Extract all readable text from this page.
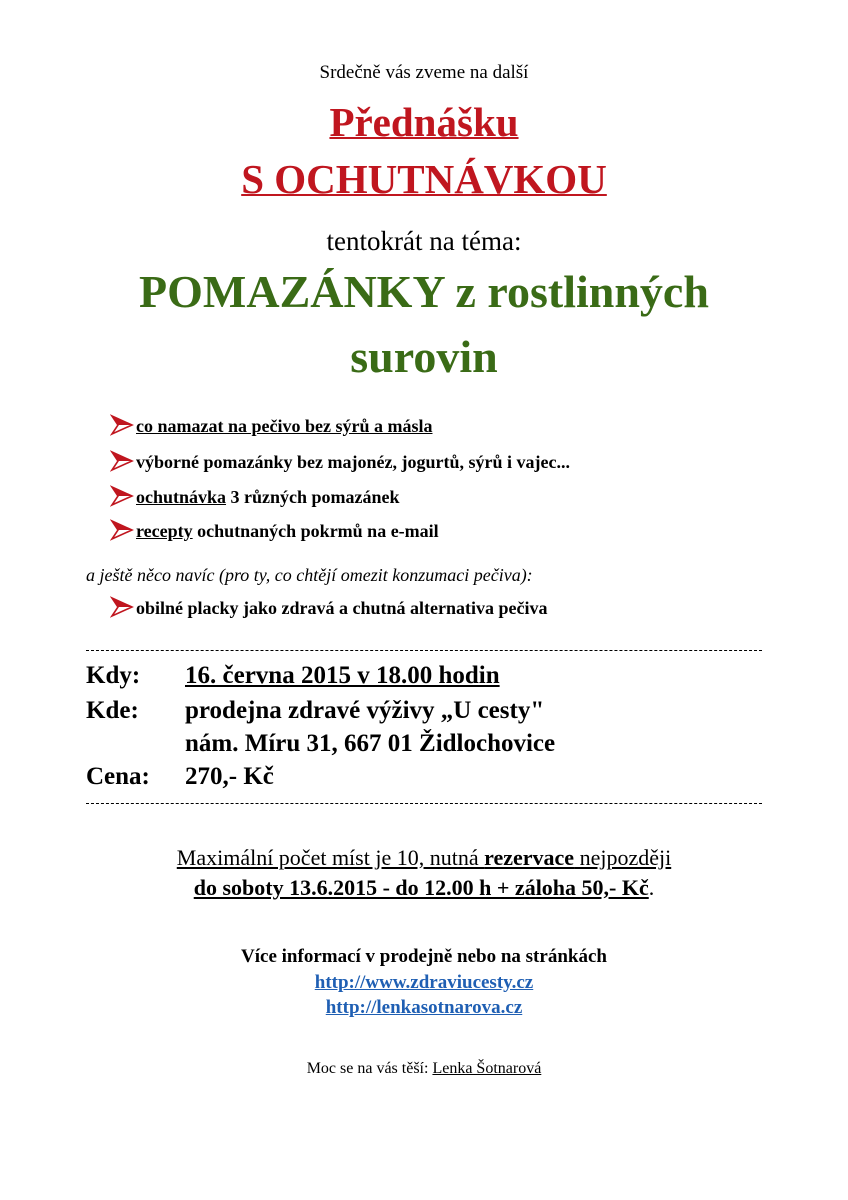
Srdečně vás zveme na další
Přednášku
S OCHUTNÁVKOU
tentokrát na téma:
POMAZÁNKY z rostlinných
surovin
co namazat na pečivo bez sýrů a másla
výborné pomazánky bez majonéz, jogurtů, sýrů i vajec...
ochutnávka 3 různých pomazánek
recepty ochutnaných pokrmů na e-mail
a ještě něco navíc (pro ty, co chtějí omezit konzumaci pečiva):
obilné placky jako zdravá a chutná alternativa pečiva
Kdy: 16. června 2015 v 18.00 hodin
Kde: prodejna zdravé výživy „U cesty"
nám. Míru 31, 667 01 Židlochovice
Cena: 270,- Kč
Maximální počet míst je 10, nutná rezervace nejpozději
do soboty 13.6.2015 - do 12.00 h + záloha 50,- Kč.
Více informací v prodejně nebo na stránkách
http://www.zdraviucesty.cz
http://lenkasotnarova.cz
Moc se na vás těší: Lenka Šotnarová
